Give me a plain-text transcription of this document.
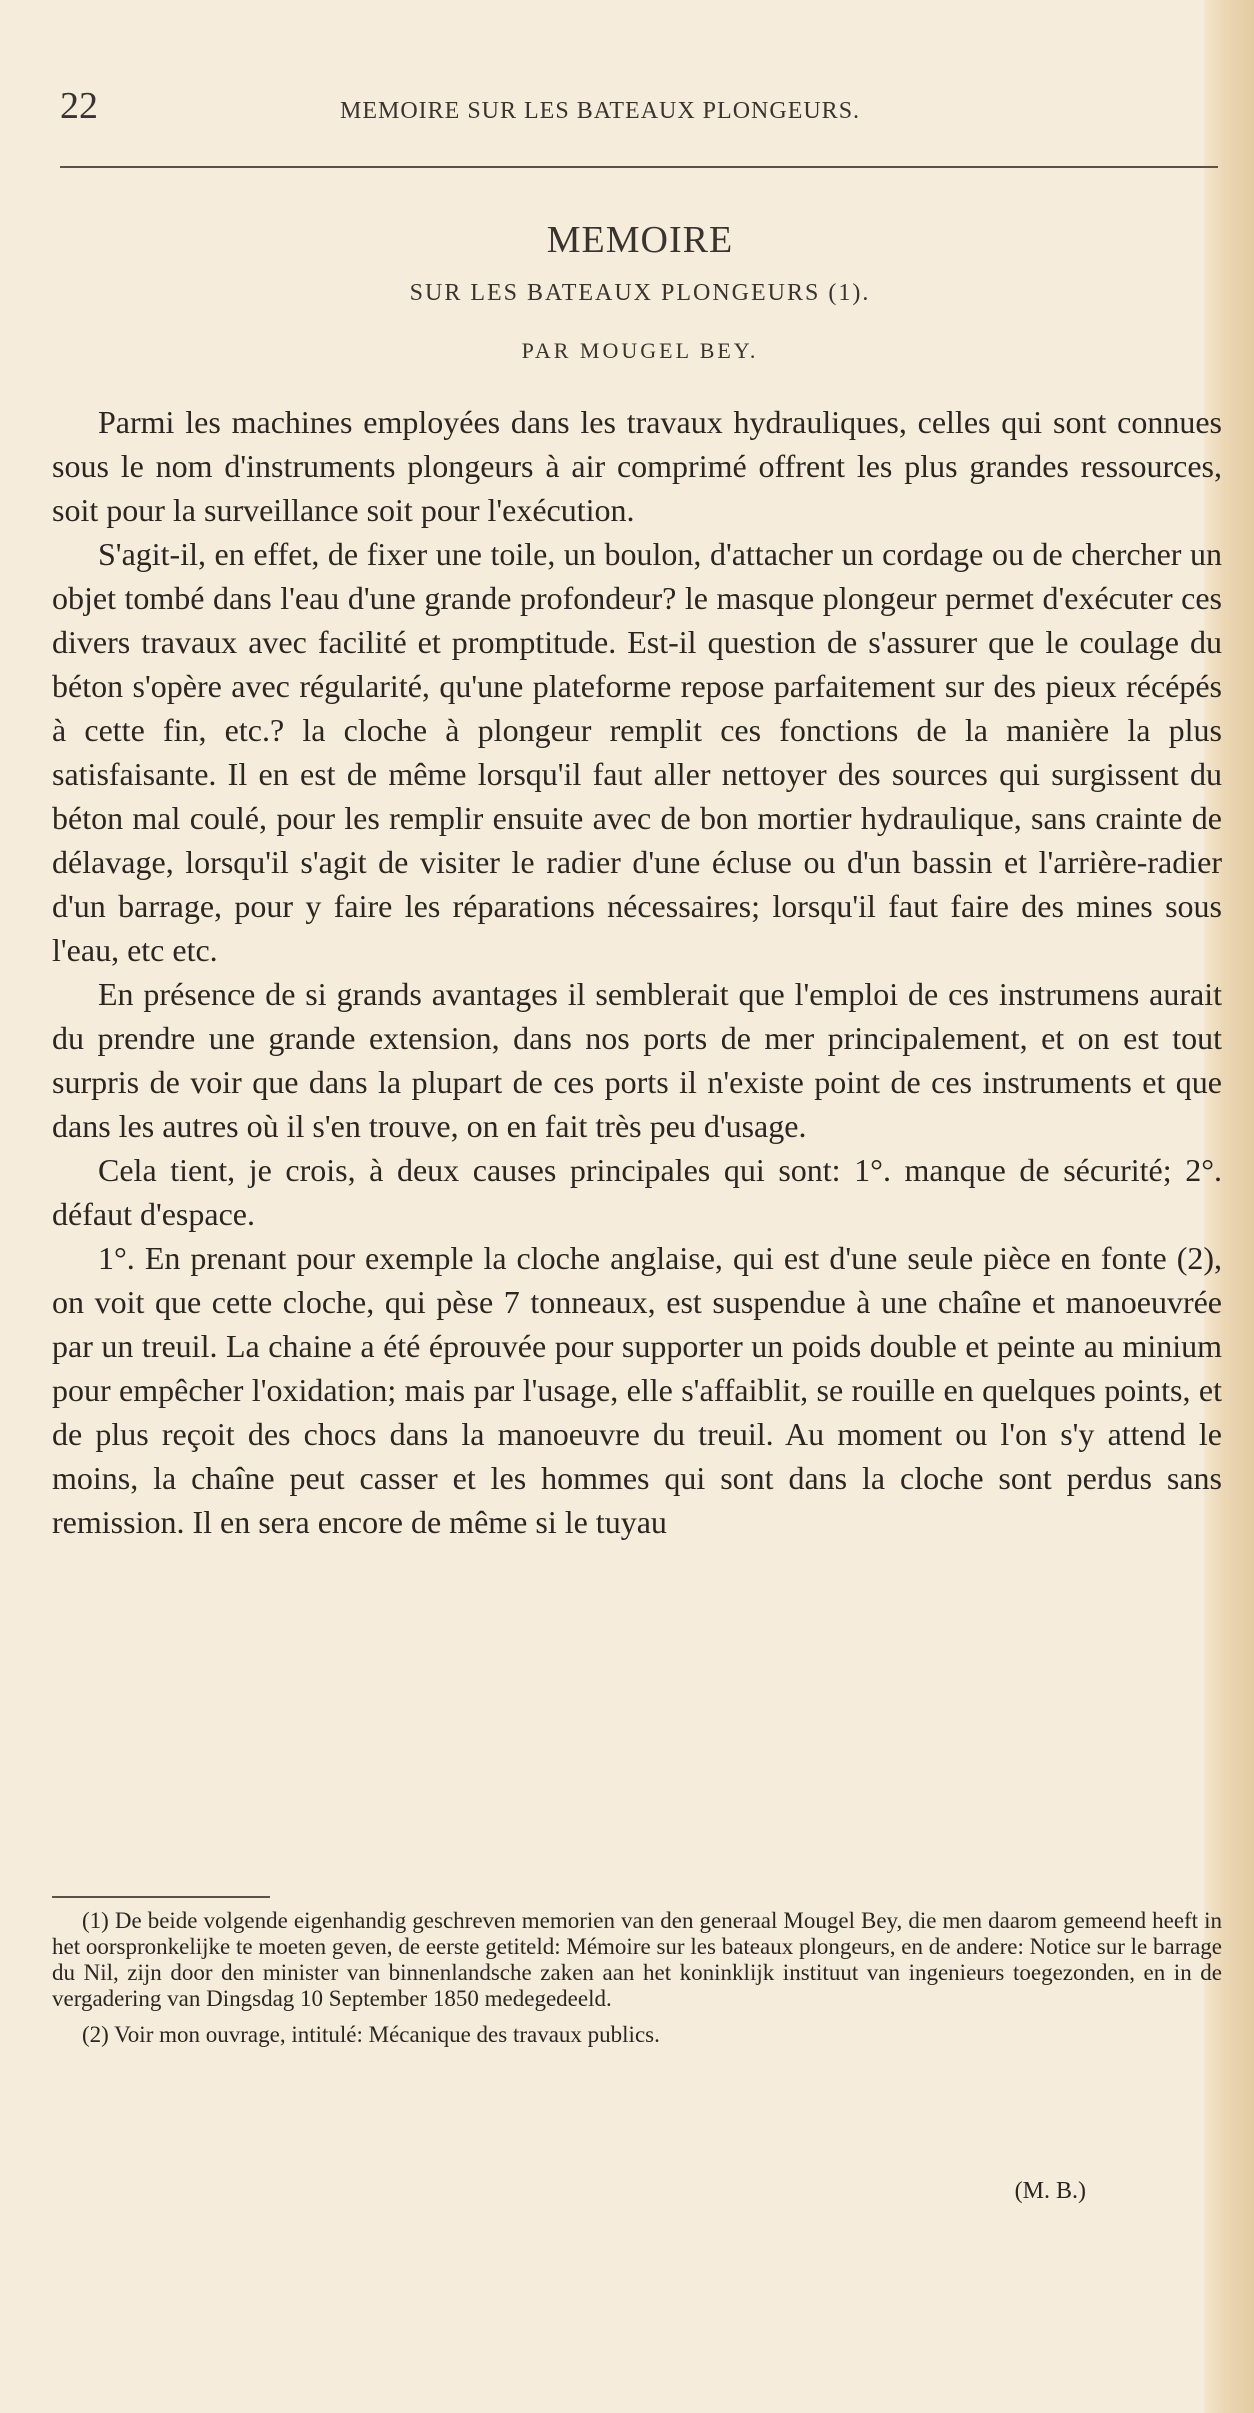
22	MEMOIRE SUR LES BATEAUX PLONGEURS.
MEMOIRE
SUR LES BATEAUX PLONGEURS (1).
PAR MOUGEL BEY.

Parmi les machines employées dans les travaux hydrauliques, celles qui sont connues sous le nom d'instruments plongeurs à air comprimé offrent les plus grandes ressources, soit pour la surveillance soit pour l'exécution.

S'agit-il, en effet, de fixer une toile, un boulon, d'attacher un cordage ou de chercher un objet tombé dans l'eau d'une grande profondeur? le masque plongeur permet d'exécuter ces divers travaux avec facilité et promptitude. Est-il question de s'assurer que le coulage du béton s'opère avec régularité, qu'une plateforme repose parfaitement sur des pieux récépés à cette fin, etc.? la cloche à plongeur remplit ces fonctions de la manière la plus satisfaisante. Il en est de même lorsqu'il faut aller nettoyer des sources qui surgissent du béton mal coulé, pour les remplir ensuite avec de bon mortier hydraulique, sans crainte de délavage, lorsqu'il s'agit de visiter le radier d'une écluse ou d'un bassin et l'arrière-radier d'un barrage, pour y faire les réparations nécessaires; lorsqu'il faut faire des mines sous l'eau, etc etc.

En présence de si grands avantages il semblerait que l'emploi de ces instrumens aurait du prendre une grande extension, dans nos ports de mer principalement, et on est tout surpris de voir que dans la plupart de ces ports il n'existe point de ces instruments et que dans les autres où il s'en trouve, on en fait très peu d'usage.

Cela tient, je crois, à deux causes principales qui sont: 1°. manque de sécurité; 2°. défaut d'espace.

1°. En prenant pour exemple la cloche anglaise, qui est d'une seule pièce en fonte (2), on voit que cette cloche, qui pèse 7 tonneaux, est suspendue à une chaîne et manoeuvrée par un treuil. La chaine a été éprouvée pour supporter un poids double et peinte au minium pour empêcher l'oxidation; mais par l'usage, elle s'affaiblit, se rouille en quelques points, et de plus reçoit des chocs dans la manoeuvre du treuil. Au moment ou l'on s'y attend le moins, la chaîne peut casser et les hommes qui sont dans la cloche sont perdus sans remission. Il en sera encore de même si le tuyau

(1) De beide volgende eigenhandig geschreven memorien van den generaal Mougel Bey, die men daarom gemeend heeft in het oorspronkelijke te moeten geven, de eerste getiteld: Mémoire sur les bateaux plongeurs, en de andere: Notice sur le barrage du Nil, zijn door den minister van binnenlandsche zaken aan het koninklijk instituut van ingenieurs toegezonden, en in de vergadering van Dingsdag 10 September 1850 medegedeeld.

(2) Voir mon ouvrage, intitulé: Mécanique des travaux publics.

(M. B.)
